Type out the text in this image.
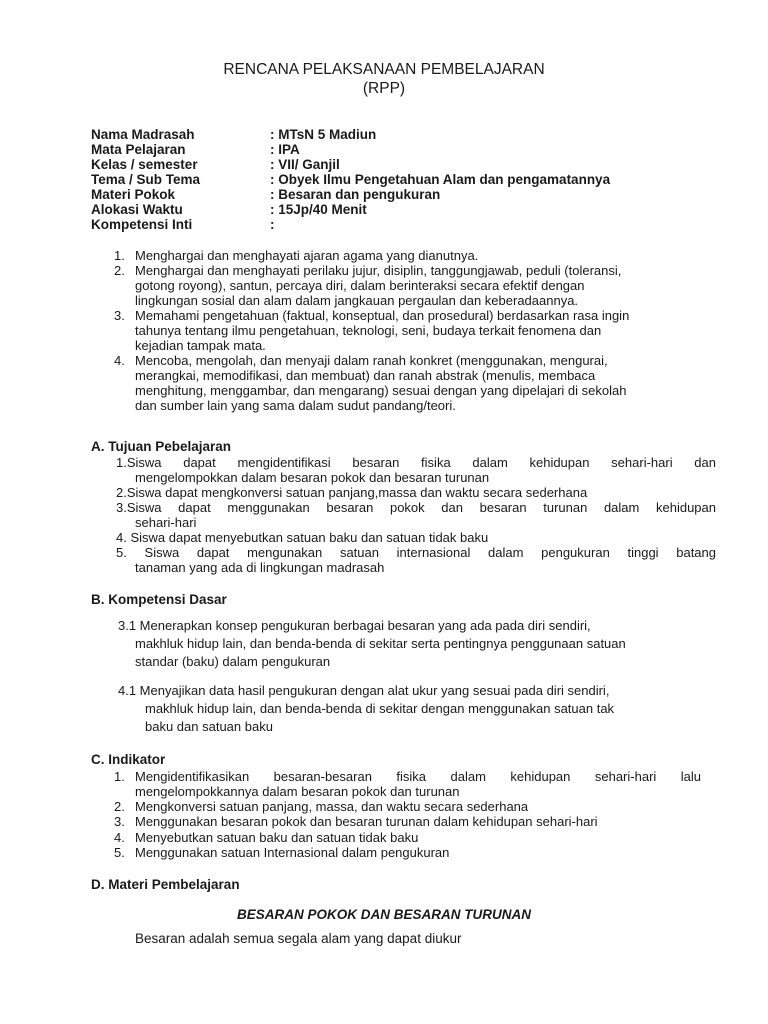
RENCANA PELAKSANAAN PEMBELAJARAN
(RPP)
Nama Madrasah	: MTsN 5 Madiun
Mata Pelajaran	: IPA
Kelas / semester	: VII/ Ganjil
Tema / Sub Tema	: Obyek Ilmu Pengetahuan Alam dan pengamatannya
Materi Pokok	: Besaran dan pengukuran
Alokasi Waktu	: 15Jp/40 Menit
Kompetensi Inti	:
1. Menghargai dan menghayati ajaran agama yang dianutnya.
2. Menghargai dan menghayati perilaku jujur, disiplin, tanggungjawab, peduli (toleransi,
gotong royong), santun, percaya diri, dalam berinteraksi secara efektif dengan
lingkungan sosial dan alam dalam jangkauan pergaulan dan keberadaannya.
3. Memahami pengetahuan (faktual, konseptual, dan prosedural) berdasarkan rasa ingin
tahunya tentang ilmu pengetahuan, teknologi, seni, budaya terkait fenomena dan
kejadian tampak mata.
4. Mencoba, mengolah, dan menyaji dalam ranah konkret (menggunakan, mengurai,
merangkai, memodifikasi, dan membuat) dan ranah abstrak (menulis, membaca
menghitung, menggambar, dan mengarang) sesuai dengan yang dipelajari di sekolah
dan sumber lain yang sama dalam sudut pandang/teori.
A. Tujuan Pebelajaran
1.Siswa dapat mengidentifikasi besaran fisika dalam kehidupan sehari-hari dan
mengelompokkan dalam besaran pokok dan besaran turunan
2.Siswa dapat mengkonversi satuan panjang,massa dan waktu secara sederhana
3.Siswa dapat menggunakan besaran pokok dan besaran turunan dalam kehidupan
sehari-hari
4. Siswa dapat menyebutkan satuan baku dan satuan tidak baku
5. Siswa dapat mengunakan satuan internasional dalam pengukuran tinggi batang
tanaman yang ada di lingkungan madrasah
B. Kompetensi Dasar
3.1 Menerapkan konsep pengukuran berbagai besaran yang ada pada diri sendiri,
makhluk hidup lain, dan benda-benda di sekitar serta pentingnya penggunaan satuan
standar (baku) dalam pengukuran
4.1 Menyajikan data hasil pengukuran dengan alat ukur yang sesuai pada diri sendiri,
makhluk hidup lain, dan benda-benda di sekitar dengan menggunakan satuan tak
baku dan satuan baku
C. Indikator
1. Mengidentifikasikan besaran-besaran fisika dalam kehidupan sehari-hari lalu
mengelompokkannya dalam besaran pokok dan turunan
2. Mengkonversi satuan panjang, massa, dan waktu secara sederhana
3. Menggunakan besaran pokok dan besaran turunan dalam kehidupan sehari-hari
4. Menyebutkan satuan baku dan satuan tidak baku
5. Menggunakan satuan Internasional dalam pengukuran
D. Materi Pembelajaran
BESARAN POKOK DAN BESARAN TURUNAN
Besaran adalah semua segala alam yang dapat diukur
